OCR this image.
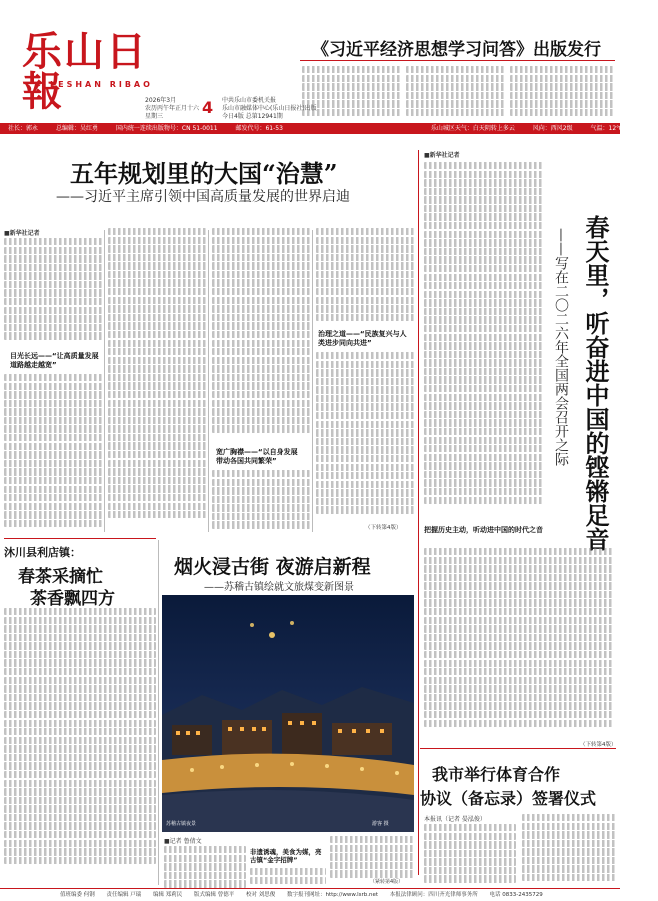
乐山日報
LESHAN RIBAO
2026年3月
农历丙午年正月十六
星期三	4 中共乐山市委机关报
乐山市融媒体中心(乐山日报社)出版
今日4版 总第12941期
《习近平经济思想学习问答》出版发行
社长：郭永	总编辑：吴红勇	国内统一连续出版物号：CN 51-0011	邮发代号：61-53	乐山城区天气：白天阴转上多云	风向：西风2级	气温：12℃~23℃
五年规划里的大国“治慧”
——习近平主席引领中国高质量发展的世界启迪
■新华社记者
目光长远——“让高质量发展道路越走越宽”
宽广胸襟——“以自身发展带动各国共同繁荣”
治理之道——“民族复兴与人类进步同向共进”
（下转第4版）
■新华社记者
春天里，听奋进中国的铿锵足音
——写在二〇二六年全国两会召开之际
把握历史主动，听动进中国的时代之音
（下转第4版）
我市举行体育合作
协议（备忘录）签署仪式
本报讯（记者 晏泓俊）
沐川县利店镇：
春茶采摘忙
茶香飘四方
烟火浸古街 夜游启新程
——苏稽古镇绘就文旅煤变新图景
苏稽古镇夜景	游客 摄
■记者 鲁倩文
非遗诱魂，美食为媒，亮古镇“金字招牌”
（紧转第4版）
值班编委 何钢 责任编辑 戸瑞 编辑 郑莉民 版式编辑 曾德平 校对 刘思俊 数字报刊网址：http://www.lsrb.net 本报法律顾问：四川齐光律师事务所 电话 0833-2435729
